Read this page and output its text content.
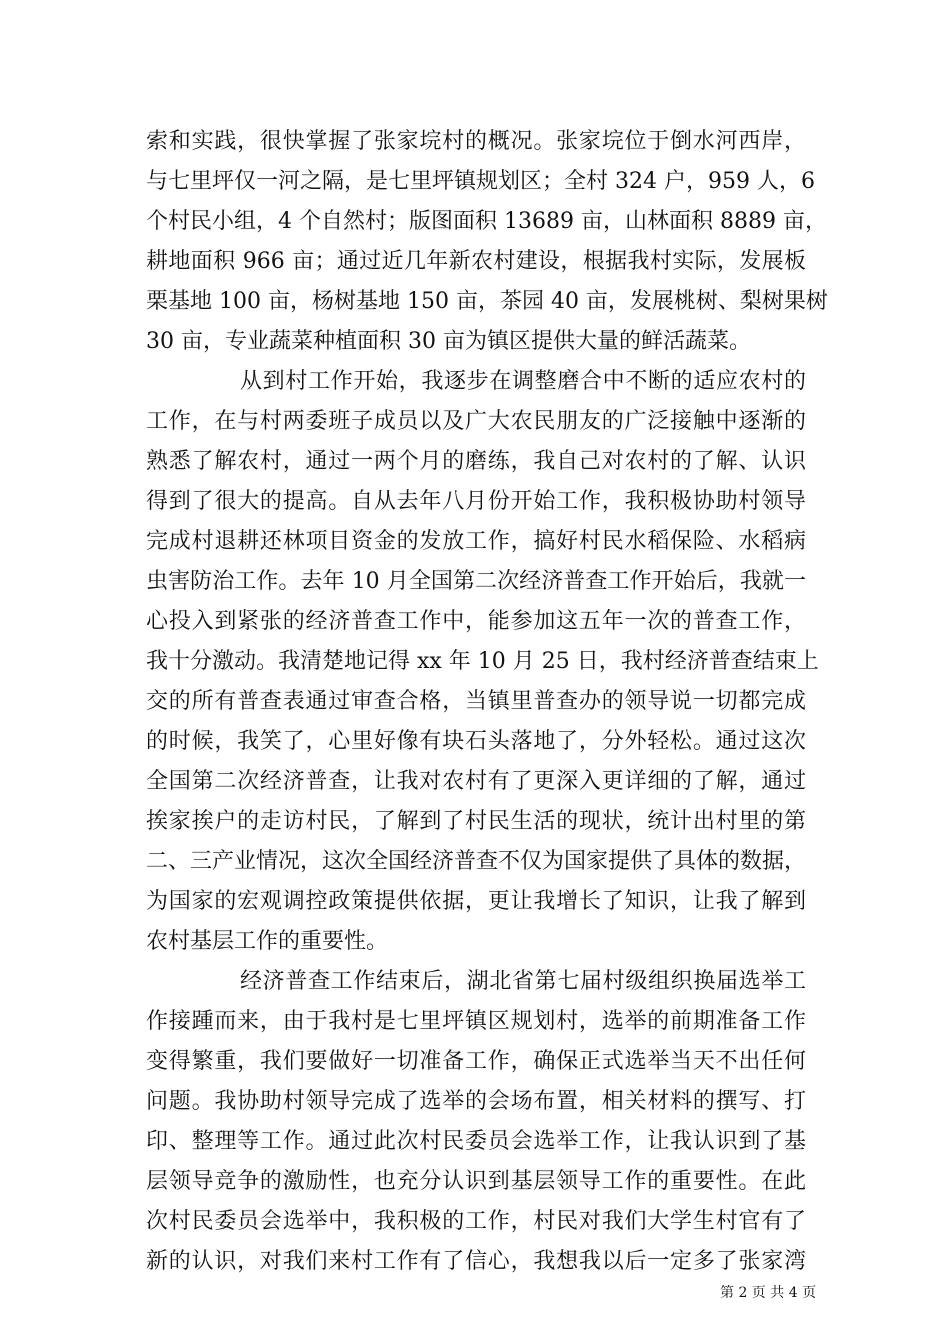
索和实践，很快掌握了张家垸村的概况。张家垸位于倒水河西岸，
与七里坪仅一河之隔，是七里坪镇规划区；全村 324 户，959 人，6
个村民小组，4 个自然村；版图面积 13689 亩，山林面积 8889 亩，
耕地面积 966 亩；通过近几年新农村建设，根据我村实际，发展板
栗基地 100 亩，杨树基地 150 亩，茶园 40 亩，发展桃树、梨树果树
30 亩，专业蔬菜种植面积 30 亩为镇区提供大量的鲜活蔬菜。
从到村工作开始，我逐步在调整磨合中不断的适应农村的
工作，在与村两委班子成员以及广大农民朋友的广泛接触中逐渐的
熟悉了解农村，通过一两个月的磨练，我自己对农村的了解、认识
得到了很大的提高。自从去年八月份开始工作，我积极协助村领导
完成村退耕还林项目资金的发放工作，搞好村民水稻保险、水稻病
虫害防治工作。去年 10 月全国第二次经济普查工作开始后，我就一
心投入到紧张的经济普查工作中，能参加这五年一次的普查工作，
我十分激动。我清楚地记得 xx 年 10 月 25 日，我村经济普查结束上
交的所有普查表通过审查合格，当镇里普查办的领导说一切都完成
的时候，我笑了，心里好像有块石头落地了，分外轻松。通过这次
全国第二次经济普查，让我对农村有了更深入更详细的了解，通过
挨家挨户的走访村民，了解到了村民生活的现状，统计出村里的第
二、三产业情况，这次全国经济普查不仅为国家提供了具体的数据，
为国家的宏观调控政策提供依据，更让我增长了知识，让我了解到
农村基层工作的重要性。
经济普查工作结束后，湖北省第七届村级组织换届选举工
作接踵而来，由于我村是七里坪镇区规划村，选举的前期准备工作
变得繁重，我们要做好一切准备工作，确保正式选举当天不出任何
问题。我协助村领导完成了选举的会场布置，相关材料的撰写、打
印、整理等工作。通过此次村民委员会选举工作，让我认识到了基
层领导竞争的激励性，也充分认识到基层领导工作的重要性。在此
次村民委员会选举中，我积极的工作，村民对我们大学生村官有了
新的认识，对我们来村工作有了信心，我想我以后一定多了张家湾
第 2 页 共 4 页
